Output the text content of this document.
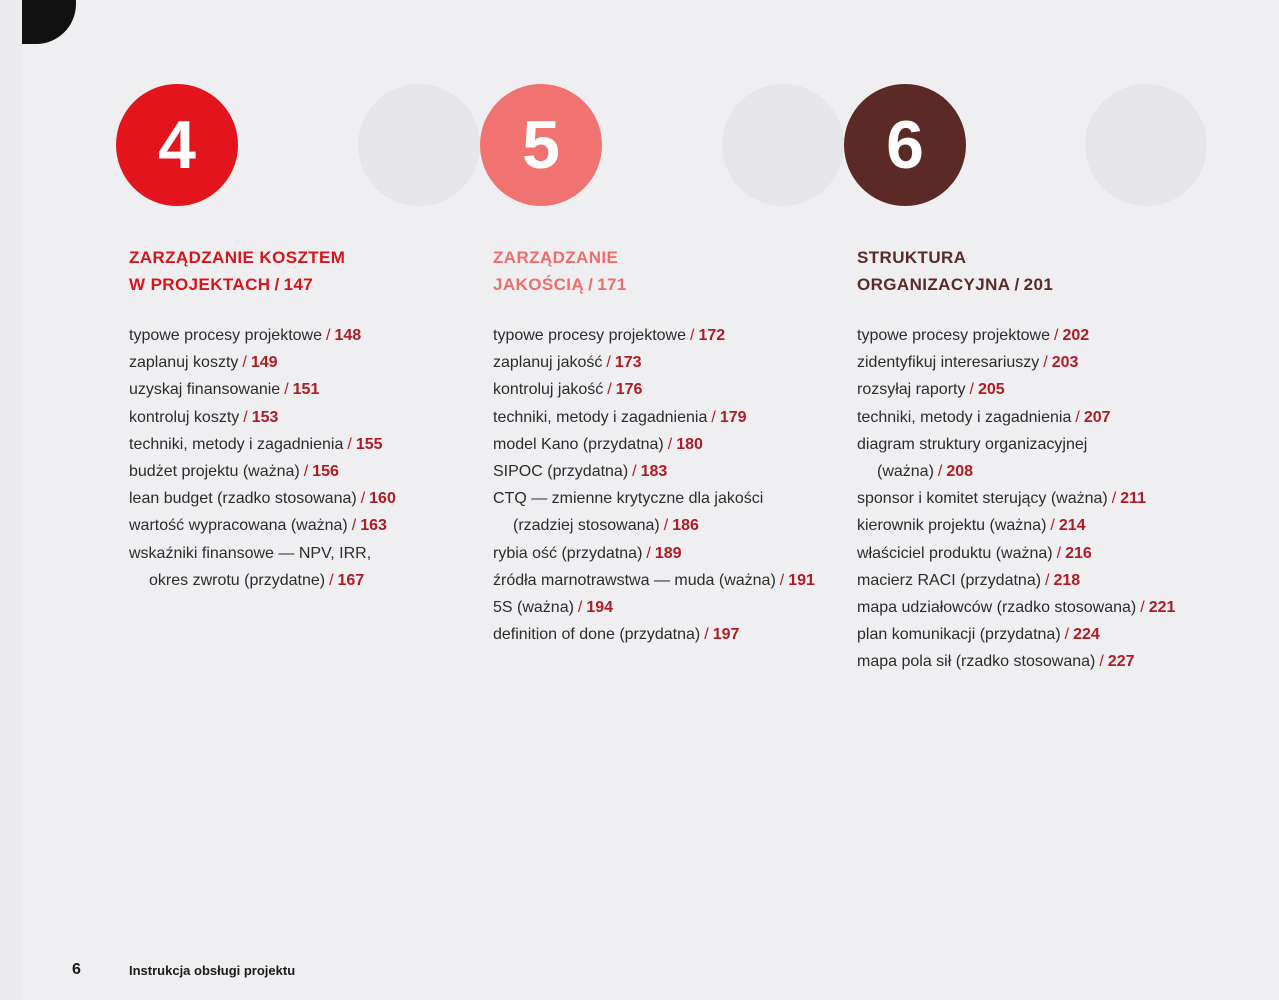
4
ZARZĄDZANIE KOSZTEM
W PROJEKTACH / 147
typowe procesy projektowe / 148
zaplanuj koszty / 149
uzyskaj finansowanie / 151
kontroluj koszty / 153
techniki, metody i zagadnienia / 155
budżet projektu (ważna) / 156
lean budget (rzadko stosowana) / 160
wartość wypracowana (ważna) / 163
wskaźniki finansowe — NPV, IRR,
okres zwrotu (przydatne) / 167
5
ZARZĄDZANIE
JAKOŚCIĄ / 171
typowe procesy projektowe / 172
zaplanuj jakość / 173
kontroluj jakość / 176
techniki, metody i zagadnienia / 179
model Kano (przydatna) / 180
SIPOC (przydatna) / 183
CTQ — zmienne krytyczne dla jakości
(rzadziej stosowana) / 186
rybia ość (przydatna) / 189
źródła marnotrawstwa — muda (ważna) / 191
5S (ważna) / 194
definition of done (przydatna) / 197
6
STRUKTURA
ORGANIZACYJNA / 201
typowe procesy projektowe / 202
zidentyfikuj interesariuszy / 203
rozsyłaj raporty / 205
techniki, metody i zagadnienia / 207
diagram struktury organizacyjnej
(ważna) / 208
sponsor i komitet sterujący (ważna) / 211
kierownik projektu (ważna) / 214
właściciel produktu (ważna) / 216
macierz RACI (przydatna) / 218
mapa udziałowców (rzadko stosowana) / 221
plan komunikacji (przydatna) / 224
mapa pola sił (rzadko stosowana) / 227
6	Instrukcja obsługi projektu
